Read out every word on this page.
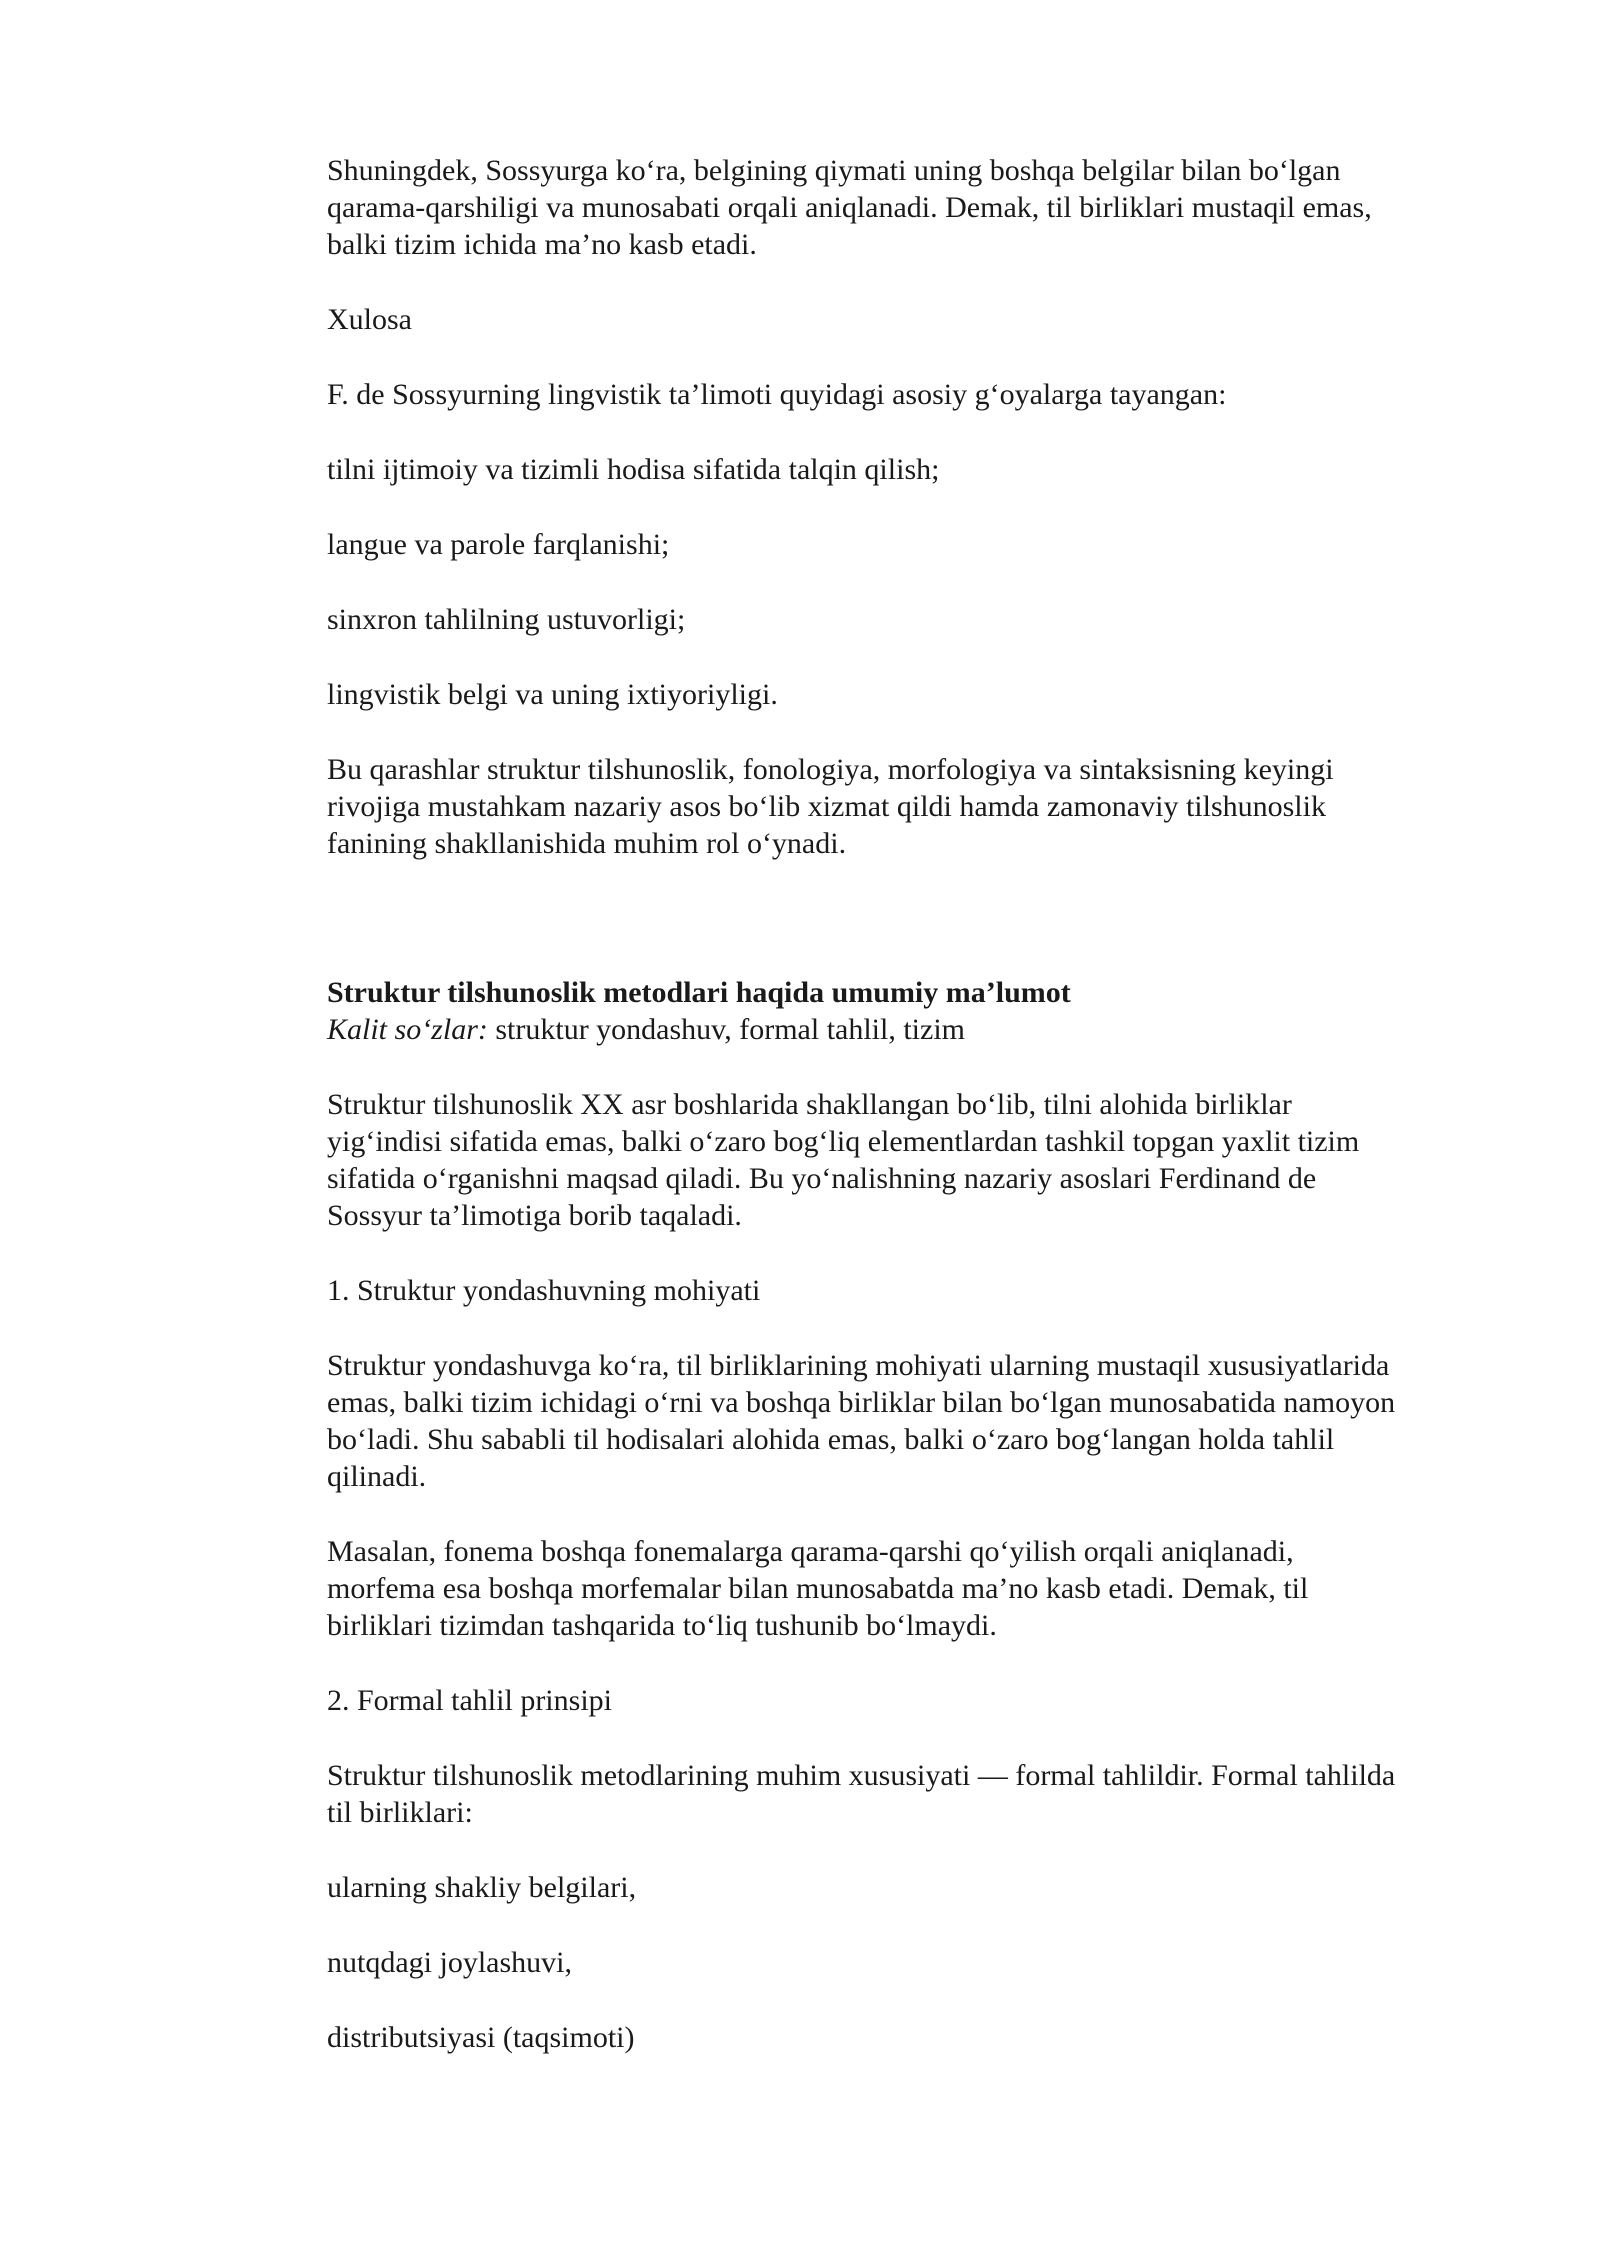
Shuningdek, Sossyurga ko‘ra, belgining qiymati uning boshqa belgilar bilan bo‘lgan
qarama-qarshiligi va munosabati orqali aniqlanadi. Demak, til birliklari mustaqil emas,
balki tizim ichida ma’no kasb etadi.

Xulosa

F. de Sossyurning lingvistik ta’limoti quyidagi asosiy g‘oyalarga tayangan:

tilni ijtimoiy va tizimli hodisa sifatida talqin qilish;

langue va parole farqlanishi;

sinxron tahlilning ustuvorligi;

lingvistik belgi va uning ixtiyoriyligi.

Bu qarashlar struktur tilshunoslik, fonologiya, morfologiya va sintaksisning keyingi
rivojiga mustahkam nazariy asos bo‘lib xizmat qildi hamda zamonaviy tilshunoslik
fanining shakllanishida muhim rol o‘ynadi.

Struktur tilshunoslik metodlari haqida umumiy ma’lumot

Kalit so‘zlar: struktur yondashuv, formal tahlil, tizim

Struktur tilshunoslik XX asr boshlarida shakllangan bo‘lib, tilni alohida birliklar
yig‘indisi sifatida emas, balki o‘zaro bog‘liq elementlardan tashkil topgan yaxlit tizim
sifatida o‘rganishni maqsad qiladi. Bu yo‘nalishning nazariy asoslari Ferdinand de
Sossyur ta’limotiga borib taqaladi.

1. Struktur yondashuvning mohiyati

Struktur yondashuvga ko‘ra, til birliklarining mohiyati ularning mustaqil xususiyatlarida
emas, balki tizim ichidagi o‘rni va boshqa birliklar bilan bo‘lgan munosabatida namoyon
bo‘ladi. Shu sababli til hodisalari alohida emas, balki o‘zaro bog‘langan holda tahlil
qilinadi.

Masalan, fonema boshqa fonemalarga qarama-qarshi qo‘yilish orqali aniqlanadi,
morfema esa boshqa morfemalar bilan munosabatda ma’no kasb etadi. Demak, til
birliklari tizimdan tashqarida to‘liq tushunib bo‘lmaydi.

2. Formal tahlil prinsipi

Struktur tilshunoslik metodlarining muhim xususiyati — formal tahlildir. Formal tahlilda
til birliklari:

ularning shakliy belgilari,

nutqdagi joylashuvi,

distributsiyasi (taqsimoti)
